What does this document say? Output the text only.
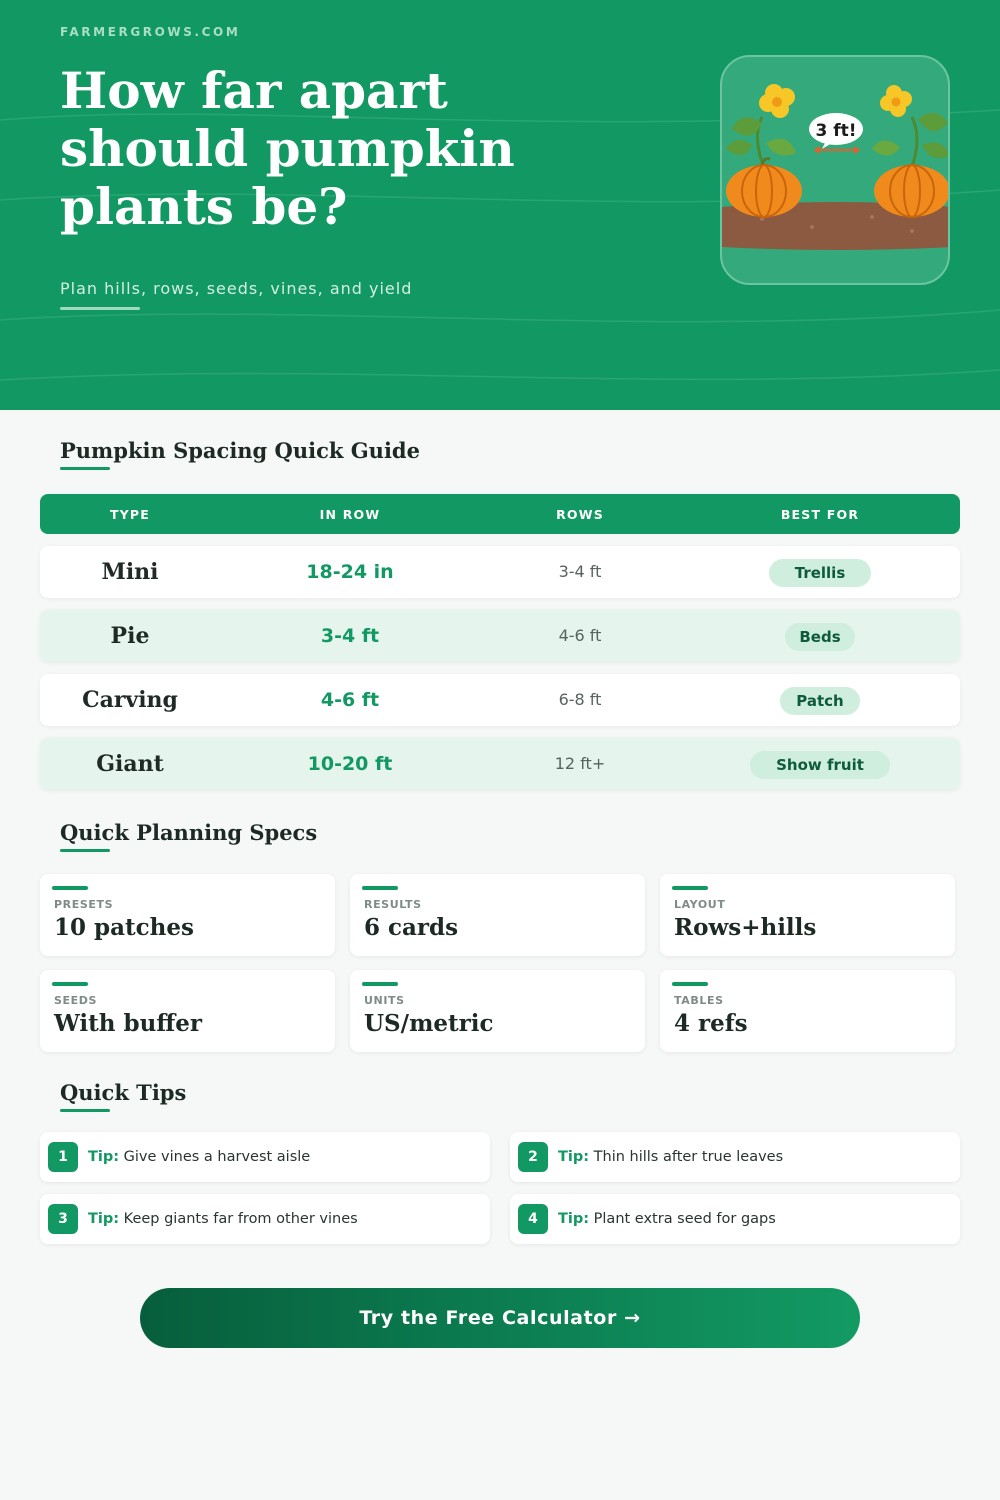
FARMERGROWS.COM
How far apart should pumpkin plants be?
Plan hills, rows, seeds, vines, and yield
3 ft!
Pumpkin Spacing Quick Guide
TYPE	IN ROW	ROWS	BEST FOR
Mini	18-24 in	3-4 ft	Trellis
Pie	3-4 ft	4-6 ft	Beds
Carving	4-6 ft	6-8 ft	Patch
Giant	10-20 ft	12 ft+	Show fruit
Quick Planning Specs
PRESETS
10 patches
RESULTS
6 cards
LAYOUT
Rows+hills
SEEDS
With buffer
UNITS
US/metric
TABLES
4 refs
Quick Tips
1	Tip: Give vines a harvest aisle	2	Tip: Thin hills after true leaves
3	Tip: Keep giants far from other vines	4	Tip: Plant extra seed for gaps
Try the Free Calculator →
